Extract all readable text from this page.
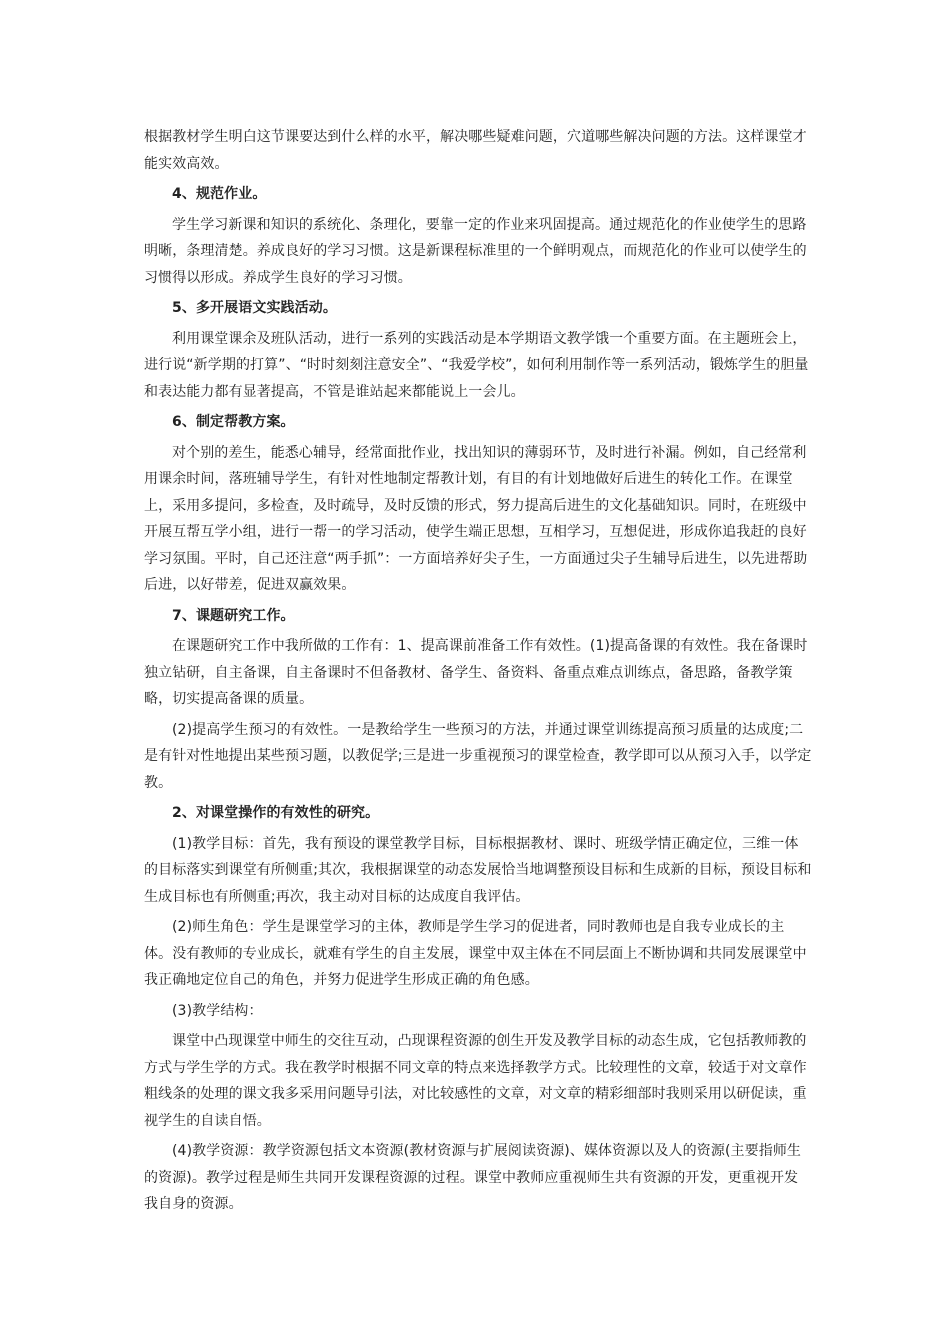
根据教材学生明白这节课要达到什么样的水平，解决哪些疑难问题，穴道哪些解决问题的方法。这样课堂才能实效高效。

4、规范作业。

学生学习新课和知识的系统化、条理化，要靠一定的作业来巩固提高。通过规范化的作业使学生的思路明晰，条理清楚。养成良好的学习习惯。这是新课程标准里的一个鲜明观点，而规范化的作业可以使学生的习惯得以形成。养成学生良好的学习习惯。

5、多开展语文实践活动。

利用课堂课余及班队活动，进行一系列的实践活动是本学期语文教学饿一个重要方面。在主题班会上，进行说“新学期的打算”、“时时刻刻注意安全”、“我爱学校”，如何利用制作等一系列活动，锻炼学生的胆量和表达能力都有显著提高，不管是谁站起来都能说上一会儿。

6、制定帮教方案。

对个别的差生，能悉心辅导，经常面批作业，找出知识的薄弱环节，及时进行补漏。例如，自己经常利用课余时间，落班辅导学生，有针对性地制定帮教计划，有目的有计划地做好后进生的转化工作。在课堂上，采用多提问，多检查，及时疏导，及时反馈的形式，努力提高后进生的文化基础知识。同时，在班级中开展互帮互学小组，进行一帮一的学习活动，使学生端正思想，互相学习，互想促进，形成你追我赶的良好学习氛围。平时，自己还注意“两手抓”：一方面培养好尖子生，一方面通过尖子生辅导后进生，以先进帮助后进，以好带差，促进双赢效果。

7、课题研究工作。

在课题研究工作中我所做的工作有：1、提高课前准备工作有效性。(1)提高备课的有效性。我在备课时独立钻研，自主备课，自主备课时不但备教材、备学生、备资料、备重点难点训练点，备思路，备教学策略，切实提高备课的质量。

(2)提高学生预习的有效性。一是教给学生一些预习的方法，并通过课堂训练提高预习质量的达成度;二是有针对性地提出某些预习题，以教促学;三是进一步重视预习的课堂检查，教学即可以从预习入手，以学定教。

2、对课堂操作的有效性的研究。

(1)教学目标：首先，我有预设的课堂教学目标，目标根据教材、课时、班级学情正确定位，三维一体的目标落实到课堂有所侧重;其次，我根据课堂的动态发展恰当地调整预设目标和生成新的目标，预设目标和生成目标也有所侧重;再次，我主动对目标的达成度自我评估。

(2)师生角色：学生是课堂学习的主体，教师是学生学习的促进者，同时教师也是自我专业成长的主体。没有教师的专业成长，就难有学生的自主发展，课堂中双主体在不同层面上不断协调和共同发展课堂中我正确地定位自己的角色，并努力促进学生形成正确的角色感。

(3)教学结构：

课堂中凸现课堂中师生的交往互动，凸现课程资源的创生开发及教学目标的动态生成，它包括教师教的方式与学生学的方式。我在教学时根据不同文章的特点来选择教学方式。比较理性的文章，较适于对文章作粗线条的处理的课文我多采用问题导引法，对比较感性的文章，对文章的精彩细部时我则采用以研促读，重视学生的自读自悟。

(4)教学资源：教学资源包括文本资源(教材资源与扩展阅读资源)、媒体资源以及人的资源(主要指师生的资源)。教学过程是师生共同开发课程资源的过程。课堂中教师应重视师生共有资源的开发，更重视开发我自身的资源。
